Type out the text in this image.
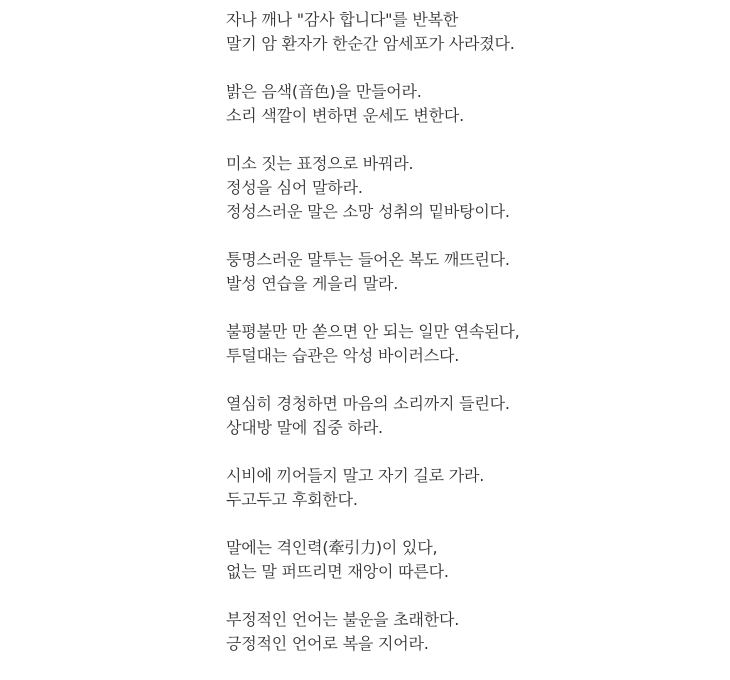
자나 깨나 "감사 합니다"를 반복한
말기 암 환자가 한순간 암세포가 사라졌다.
밝은 음색(音色)을 만들어라.
소리 색깔이 변하면 운세도 변한다.
미소 짓는 표정으로 바꿔라.
정성을 심어 말하라.
정성스러운 말은 소망 성취의 밑바탕이다.
퉁명스러운 말투는 들어온 복도 깨뜨린다.
발성 연습을 게을리 말라.
불평불만 만 쏟으면 안 되는 일만 연속된다,
투덜대는 습관은 악성 바이러스다.
열심히 경청하면 마음의 소리까지 들린다.
상대방 말에 집중 하라.
시비에 끼어들지 말고 자기 길로 가라.
두고두고 후회한다.
말에는 격인력(牽引力)이 있다,
없는 말 퍼뜨리면 재앙이 따른다.
부정적인 언어는 불운을 초래한다.
긍정적인 언어로 복을 지어라.
